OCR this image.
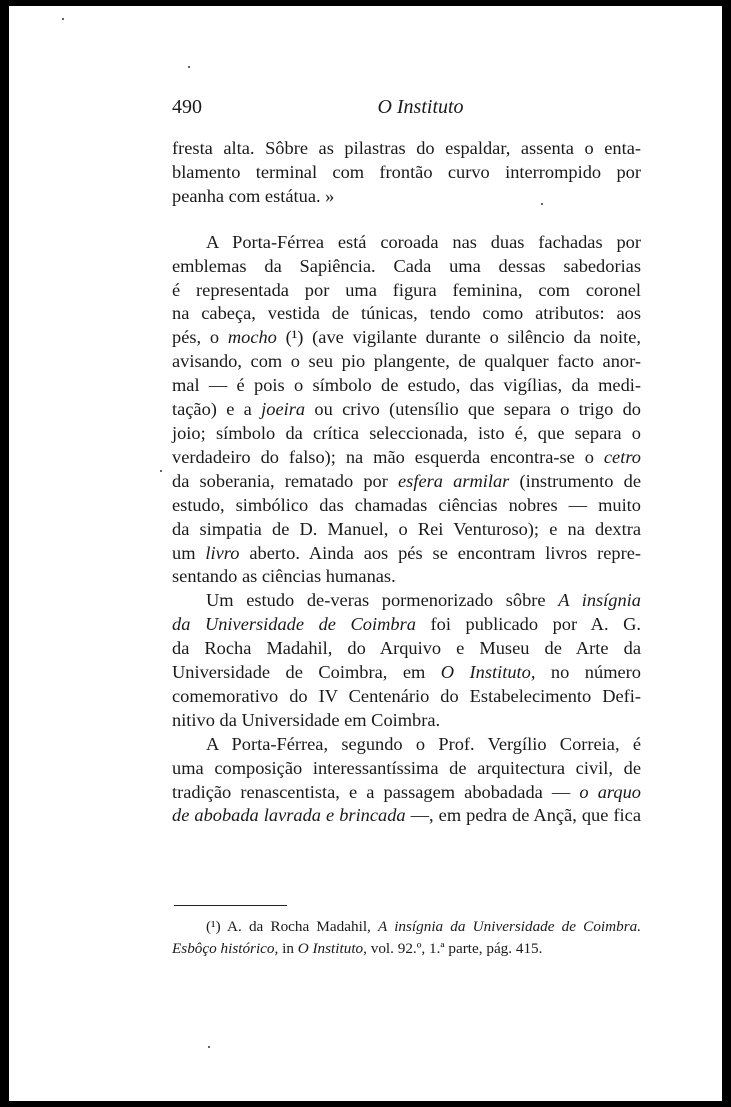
490	O Instituto
fresta alta. Sôbre as pilastras do espaldar, assenta o enta-
blamento terminal com frontão curvo interrompido por
peanha com estátua. »
A Porta-Férrea está coroada nas duas fachadas por
emblemas da Sapiência. Cada uma dessas sabedorias
é representada por uma figura feminina, com coronel
na cabeça, vestida de túnicas, tendo como atributos: aos
pés, o mocho (¹) (ave vigilante durante o silêncio da noite,
avisando, com o seu pio plangente, de qualquer facto anor-
mal — é pois o símbolo de estudo, das vigílias, da medi-
tação) e a joeira ou crivo (utensílio que separa o trigo do
joio; símbolo da crítica seleccionada, isto é, que separa o
verdadeiro do falso); na mão esquerda encontra-se o cetro
da soberania, rematado por esfera armilar (instrumento de
estudo, simbólico das chamadas ciências nobres — muito
da simpatia de D. Manuel, o Rei Venturoso); e na dextra
um livro aberto. Ainda aos pés se encontram livros repre-
sentando as ciências humanas.
Um estudo de-veras pormenorizado sôbre A insígnia
da Universidade de Coimbra foi publicado por A. G.
da Rocha Madahil, do Arquivo e Museu de Arte da
Universidade de Coimbra, em O Instituto, no número
comemorativo do IV Centenário do Estabelecimento Defi-
nitivo da Universidade em Coimbra.
A Porta-Férrea, segundo o Prof. Vergílio Correia, é
uma composição interessantíssima de arquitectura civil, de
tradição renascentista, e a passagem abobadada — o arquo
de abobada lavrada e brincada —, em pedra de Ançã, que fica
(¹) A. da Rocha Madahil, A insígnia da Universidade de Coimbra.
Esbôço histórico, in O Instituto, vol. 92.º, 1.ª parte, pág. 415.
